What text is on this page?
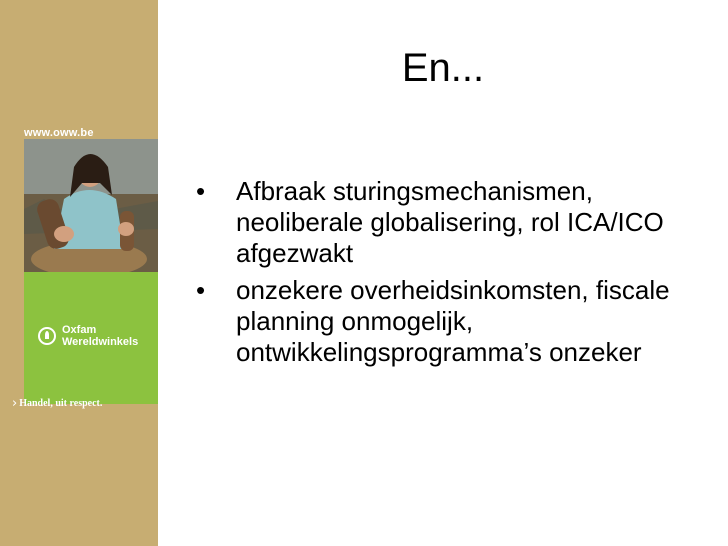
www.oww.be
Oxfam
Wereldwinkels
› Handel, uit respect.
En...
• Afbraak sturingsmechanismen, neoliberale globalisering, rol ICA/ICO afgezwakt
• onzekere overheidsinkomsten, fiscale planning onmogelijk, ontwikkelingsprogramma’s onzeker
